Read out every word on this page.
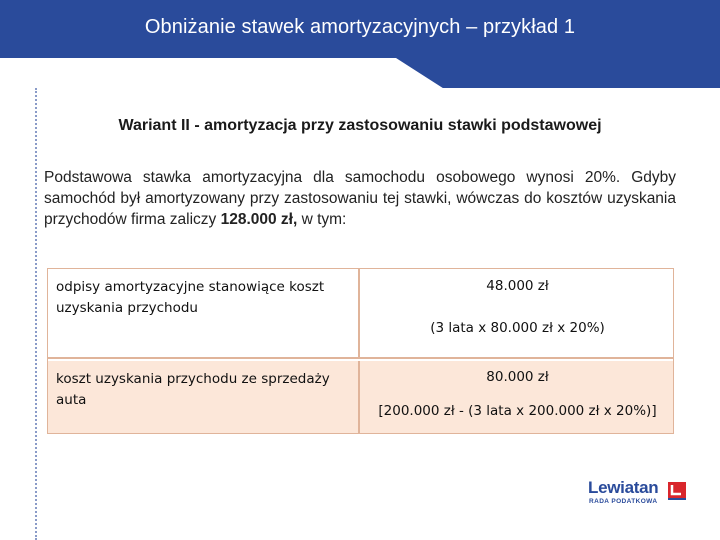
Obniżanie stawek amortyzacyjnych – przykład 1
Wariant II - amortyzacja przy zastosowaniu stawki podstawowej

Podstawowa stawka amortyzacyjna dla samochodu osobowego wynosi 20%. Gdyby samochód był amortyzowany przy zastosowaniu tej stawki, wówczas do kosztów uzyskania przychodów firma zaliczy 128.000 zł, w tym:

odpisy amortyzacyjne stanowiące koszt uzyskania przychodu
48.000 zł
(3 lata x 80.000 zł x 20%)
koszt uzyskania przychodu ze sprzedaży auta
80.000 zł
[200.000 zł - (3 lata x 200.000 zł x 20%)]
Lewiatan
RADA PODATKOWA
